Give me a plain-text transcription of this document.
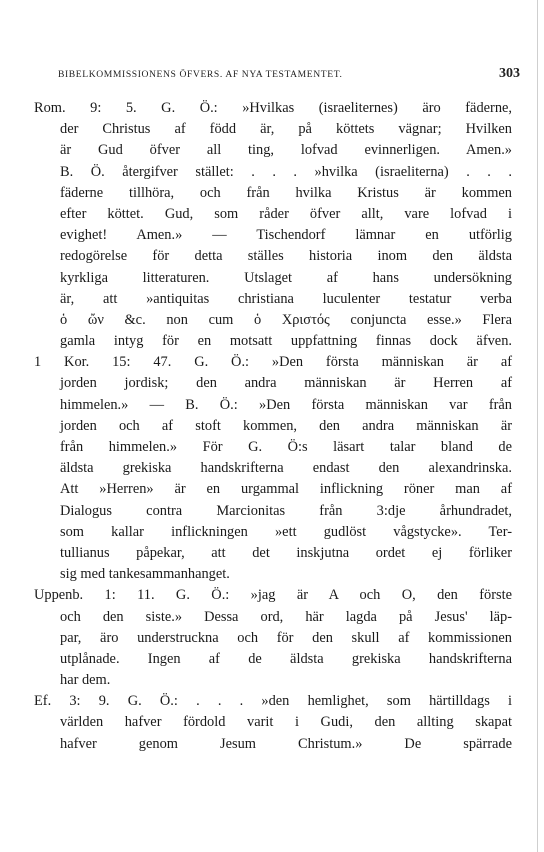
BIBELKOMMISSIONENS ÖFVERS. AF NYA TESTAMENTET.	303
Rom. 9: 5. G. Ö.: »Hvilkas (israeliternes) äro fäderne,
der Christus af född är, på köttets vägnar; Hvilken
är Gud öfver all ting, lofvad evinnerligen. Amen.»
B. Ö. återgifver stället: . . . »hvilka (israeliterna) . . .
fäderne tillhöra, och från hvilka Kristus är kommen
efter köttet. Gud, som råder öfver allt, vare lofvad i
evighet! Amen.» — Tischendorf lämnar en utförlig
redogörelse för detta ställes historia inom den äldsta
kyrkliga litteraturen. Utslaget af hans undersökning
är, att »antiquitas christiana luculenter testatur verba
ὁ ὤν &c. non cum ὁ Χριστός conjuncta esse.» Flera
gamla intyg för en motsatt uppfattning finnas dock äfven.
1 Kor. 15: 47. G. Ö.: »Den första människan är af
jorden jordisk; den andra människan är Herren af
himmelen.» — B. Ö.: »Den första människan var från
jorden och af stoft kommen, den andra människan är
från himmelen.» För G. Ö:s läsart talar bland de
äldsta grekiska handskrifterna endast den alexandrinska.
Att »Herren» är en urgammal inflickning röner man af
Dialogus contra Marcionitas från 3:dje århundradet,
som kallar inflickningen »ett gudlöst vågstycke». Ter-
tullianus påpekar, att det inskjutna ordet ej förliker
sig med tankesammanhanget.
Uppenb. 1: 11. G. Ö.: »jag är A och O, den förste
och den siste.» Dessa ord, här lagda på Jesus' läp-
par, äro understruckna och för den skull af kommissionen
utplånade. Ingen af de äldsta grekiska handskrifterna
har dem.
Ef. 3: 9. G. Ö.: . . . »den hemlighet, som härtilldags i
världen hafver fördold varit i Gudi, den allting skapat
hafver genom Jesum Christum.» De spärrade
